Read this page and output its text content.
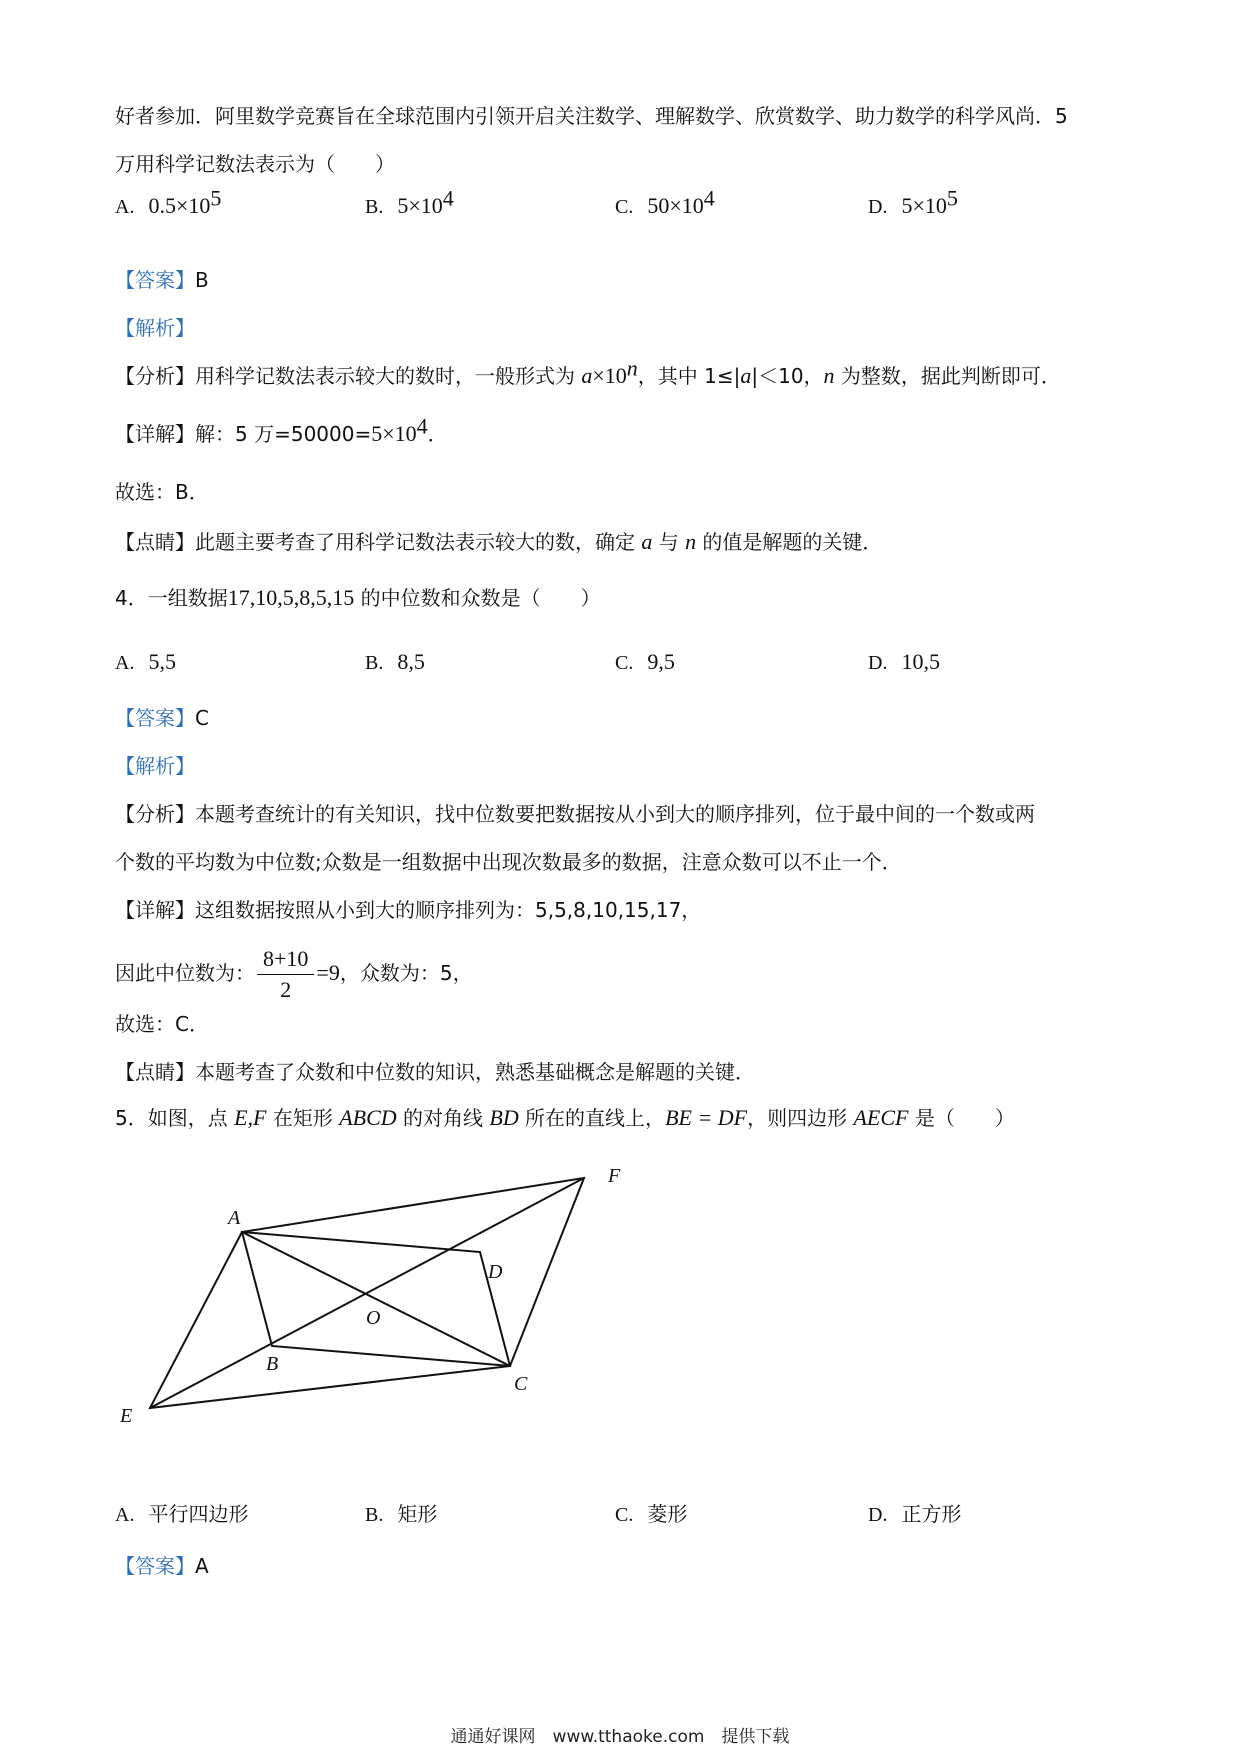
好者参加．阿里数学竞赛旨在全球范围内引领开启关注数学、理解数学、欣赏数学、助力数学的科学风尚．5
万用科学记数法表示为（　　）
A. $0.5\times 10^5$	B. $5\times 10^4$	C. $50\times 10^4$	D. $5\times 10^5$
【答案】B
【解析】
【分析】用科学记数法表示较大的数时，一般形式为 $a\times 10^n$，其中 1≤|a|＜10，n 为整数，据此判断即可．
【详解】解：5 万$=50000=5\times 10^4$．
故选：B．
【点睛】此题主要考查了用科学记数法表示较大的数，确定 a 与 n 的值是解题的关键．
4．一组数据17,10,5,8,5,15 的中位数和众数是（　　）
A. 5,5	B. 8,5	C. 9,5	D. 10,5
【答案】C
【解析】
【分析】本题考查统计的有关知识，找中位数要把数据按从小到大的顺序排列，位于最中间的一个数或两
个数的平均数为中位数;众数是一组数据中出现次数最多的数据，注意众数可以不止一个．
【详解】这组数据按照从小到大的顺序排列为：5,5,8,10,15,17，
因此中位数为： $\frac{8+10}{2} =9$，众数为：5，
故选：C．
【点睛】本题考查了众数和中位数的知识，熟悉基础概念是解题的关键．
5．如图，点 E,F 在矩形 ABCD 的对角线 BD 所在的直线上，BE = DF，则四边形 AECF 是（　　）
A
B
C
D
E
F
O
A. 平行四边形	B. 矩形	C. 菱形	D. 正方形
【答案】A
通通好课网　www.tthaoke.com　提供下载
